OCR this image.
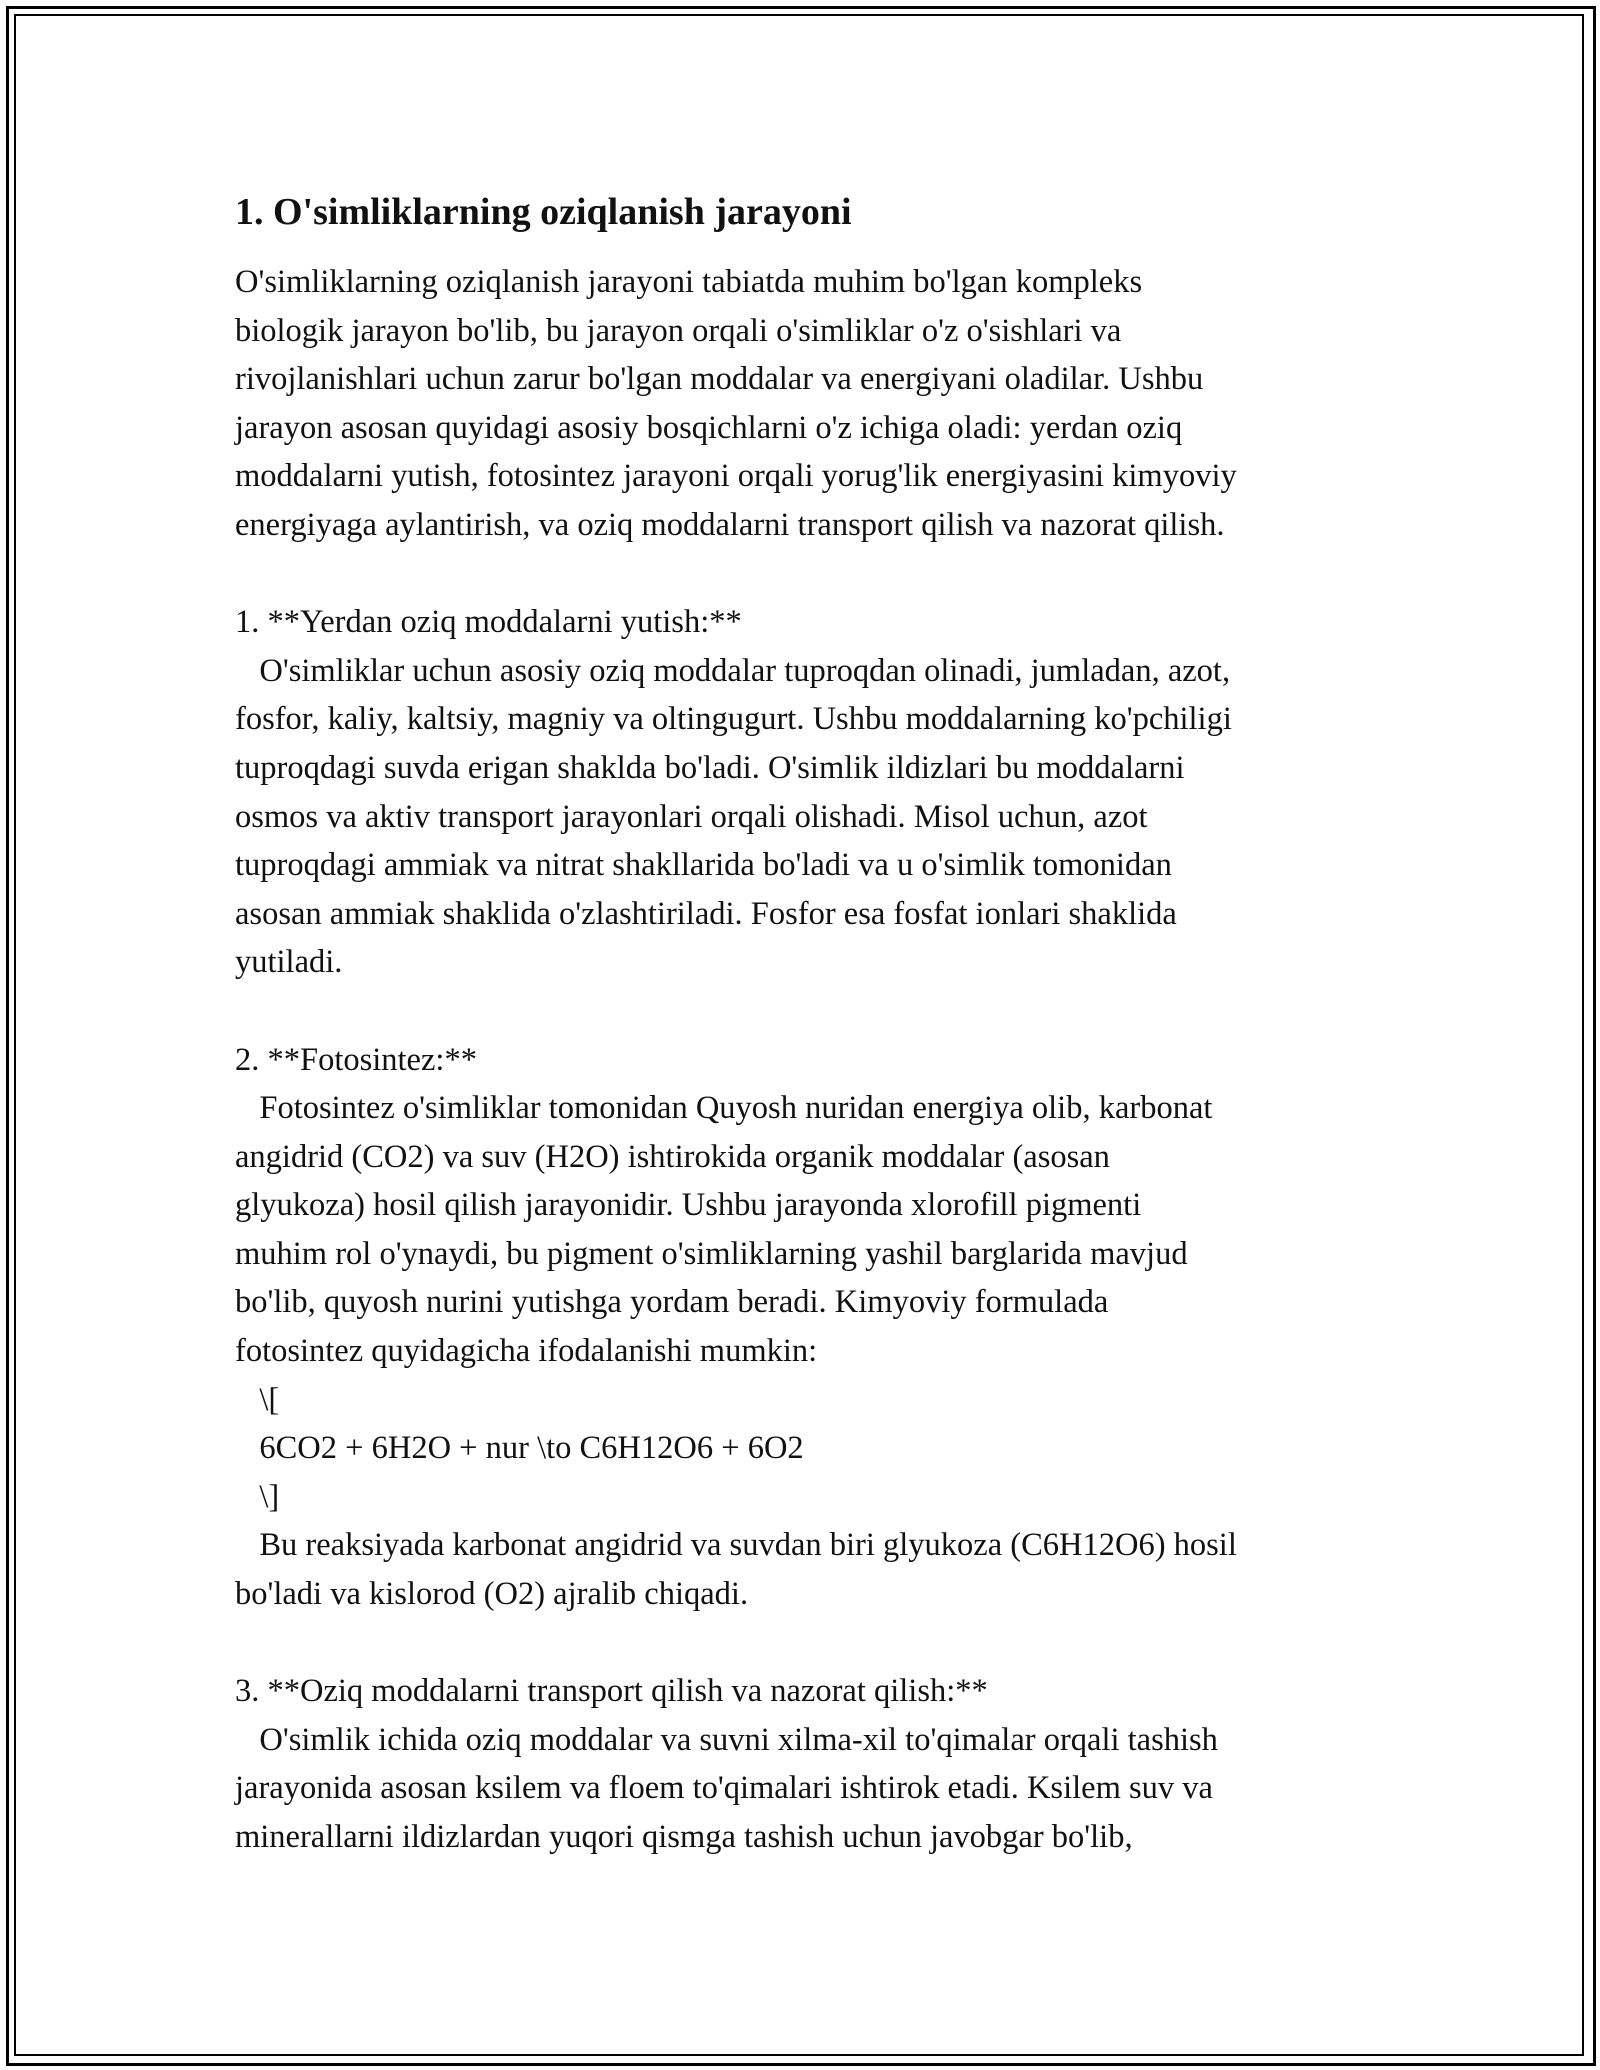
1. O'simliklarning oziqlanish jarayoni

O'simliklarning oziqlanish jarayoni tabiatda muhim bo'lgan kompleks
biologik jarayon bo'lib, bu jarayon orqali o'simliklar o'z o'sishlari va
rivojlanishlari uchun zarur bo'lgan moddalar va energiyani oladilar. Ushbu
jarayon asosan quyidagi asosiy bosqichlarni o'z ichiga oladi: yerdan oziq
moddalarni yutish, fotosintez jarayoni orqali yorug'lik energiyasini kimyoviy
energiyaga aylantirish, va oziq moddalarni transport qilish va nazorat qilish.

1. **Yerdan oziq moddalarni yutish:**
O'simliklar uchun asosiy oziq moddalar tuproqdan olinadi, jumladan, azot,
fosfor, kaliy, kaltsiy, magniy va oltingugurt. Ushbu moddalarning ko'pchiligi
tuproqdagi suvda erigan shaklda bo'ladi. O'simlik ildizlari bu moddalarni
osmos va aktiv transport jarayonlari orqali olishadi. Misol uchun, azot
tuproqdagi ammiak va nitrat shakllarida bo'ladi va u o'simlik tomonidan
asosan ammiak shaklida o'zlashtiriladi. Fosfor esa fosfat ionlari shaklida
yutiladi.

2. **Fotosintez:**
Fotosintez o'simliklar tomonidan Quyosh nuridan energiya olib, karbonat
angidrid (CO2) va suv (H2O) ishtirokida organik moddalar (asosan
glyukoza) hosil qilish jarayonidir. Ushbu jarayonda xlorofill pigmenti
muhim rol o'ynaydi, bu pigment o'simliklarning yashil barglarida mavjud
bo'lib, quyosh nurini yutishga yordam beradi. Kimyoviy formulada
fotosintez quyidagicha ifodalanishi mumkin:
\[
6CO2 + 6H2O + nur \to C6H12O6 + 6O2
\]
Bu reaksiyada karbonat angidrid va suvdan biri glyukoza (C6H12O6) hosil
bo'ladi va kislorod (O2) ajralib chiqadi.

3. **Oziq moddalarni transport qilish va nazorat qilish:**
O'simlik ichida oziq moddalar va suvni xilma-xil to'qimalar orqali tashish
jarayonida asosan ksilem va floem to'qimalari ishtirok etadi. Ksilem suv va
minerallarni ildizlardan yuqori qismga tashish uchun javobgar bo'lib,
